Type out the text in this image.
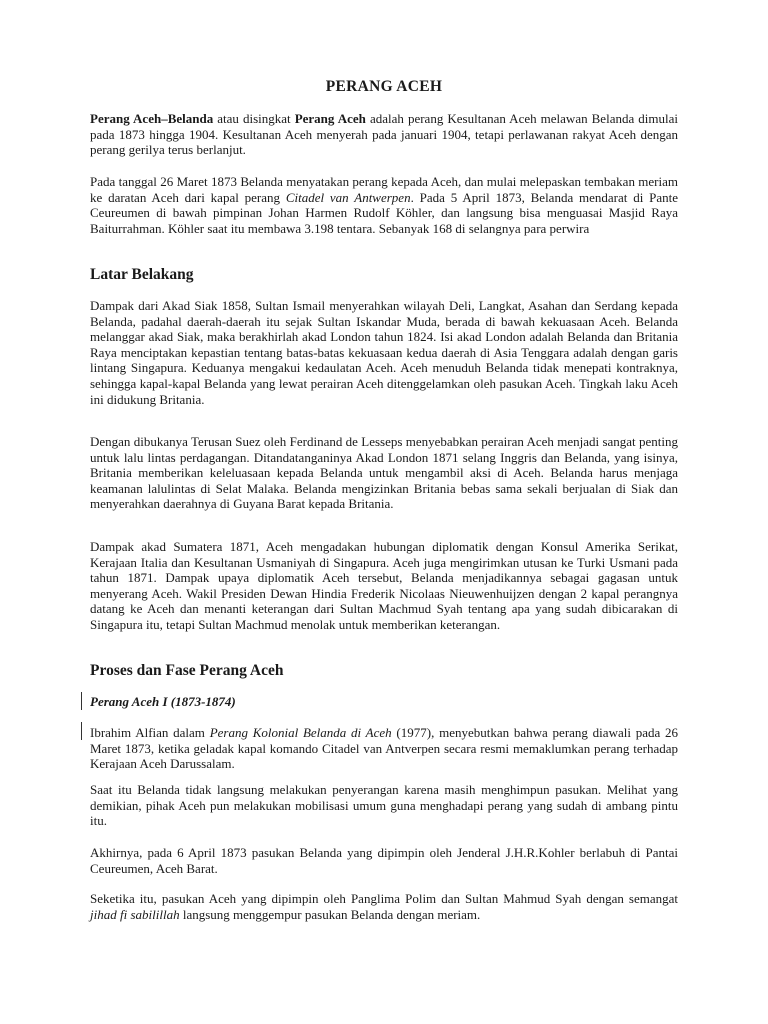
PERANG ACEH

Perang Aceh–Belanda atau disingkat Perang Aceh adalah perang Kesultanan Aceh melawan Belanda dimulai pada 1873 hingga 1904. Kesultanan Aceh menyerah pada januari 1904, tetapi perlawanan rakyat Aceh dengan perang gerilya terus berlanjut.

Pada tanggal 26 Maret 1873 Belanda menyatakan perang kepada Aceh, dan mulai melepaskan tembakan meriam ke daratan Aceh dari kapal perang Citadel van Antwerpen. Pada 5 April 1873, Belanda mendarat di Pante Ceureumen di bawah pimpinan Johan Harmen Rudolf Köhler, dan langsung bisa menguasai Masjid Raya Baiturrahman. Köhler saat itu membawa 3.198 tentara. Sebanyak 168 di selangnya para perwira

Latar Belakang

Dampak dari Akad Siak 1858, Sultan Ismail menyerahkan wilayah Deli, Langkat, Asahan dan Serdang kepada Belanda, padahal daerah-daerah itu sejak Sultan Iskandar Muda, berada di bawah kekuasaan Aceh. Belanda melanggar akad Siak, maka berakhirlah akad London tahun 1824. Isi akad London adalah Belanda dan Britania Raya menciptakan kepastian tentang batas-batas kekuasaan kedua daerah di Asia Tenggara adalah dengan garis lintang Singapura. Keduanya mengakui kedaulatan Aceh. Aceh menuduh Belanda tidak menepati kontraknya, sehingga kapal-kapal Belanda yang lewat perairan Aceh ditenggelamkan oleh pasukan Aceh. Tingkah laku Aceh ini didukung Britania.

Dengan dibukanya Terusan Suez oleh Ferdinand de Lesseps menyebabkan perairan Aceh menjadi sangat penting untuk lalu lintas perdagangan. Ditandatanganinya Akad London 1871 selang Inggris dan Belanda, yang isinya, Britania memberikan keleluasaan kepada Belanda untuk mengambil aksi di Aceh. Belanda harus menjaga keamanan lalulintas di Selat Malaka. Belanda mengizinkan Britania bebas sama sekali berjualan di Siak dan menyerahkan daerahnya di Guyana Barat kepada Britania.

Dampak akad Sumatera 1871, Aceh mengadakan hubungan diplomatik dengan Konsul Amerika Serikat, Kerajaan Italia dan Kesultanan Usmaniyah di Singapura. Aceh juga mengirimkan utusan ke Turki Usmani pada tahun 1871. Dampak upaya diplomatik Aceh tersebut, Belanda menjadikannya sebagai gagasan untuk menyerang Aceh. Wakil Presiden Dewan Hindia Frederik Nicolaas Nieuwenhuijzen dengan 2 kapal perangnya datang ke Aceh dan menanti keterangan dari Sultan Machmud Syah tentang apa yang sudah dibicarakan di Singapura itu, tetapi Sultan Machmud menolak untuk memberikan keterangan.

Proses dan Fase Perang Aceh
Perang Aceh I (1873-1874)

Ibrahim Alfian dalam Perang Kolonial Belanda di Aceh (1977), menyebutkan bahwa perang diawali pada 26 Maret 1873, ketika geladak kapal komando Citadel van Antverpen secara resmi memaklumkan perang terhadap Kerajaan Aceh Darussalam.

Saat itu Belanda tidak langsung melakukan penyerangan karena masih menghimpun pasukan. Melihat yang demikian, pihak Aceh pun melakukan mobilisasi umum guna menghadapi perang yang sudah di ambang pintu itu.

Akhirnya, pada 6 April 1873 pasukan Belanda yang dipimpin oleh Jenderal J.H.R.Kohler berlabuh di Pantai Ceureumen, Aceh Barat.

Seketika itu, pasukan Aceh yang dipimpin oleh Panglima Polim dan Sultan Mahmud Syah dengan semangat jihad fi sabilillah langsung menggempur pasukan Belanda dengan meriam.
